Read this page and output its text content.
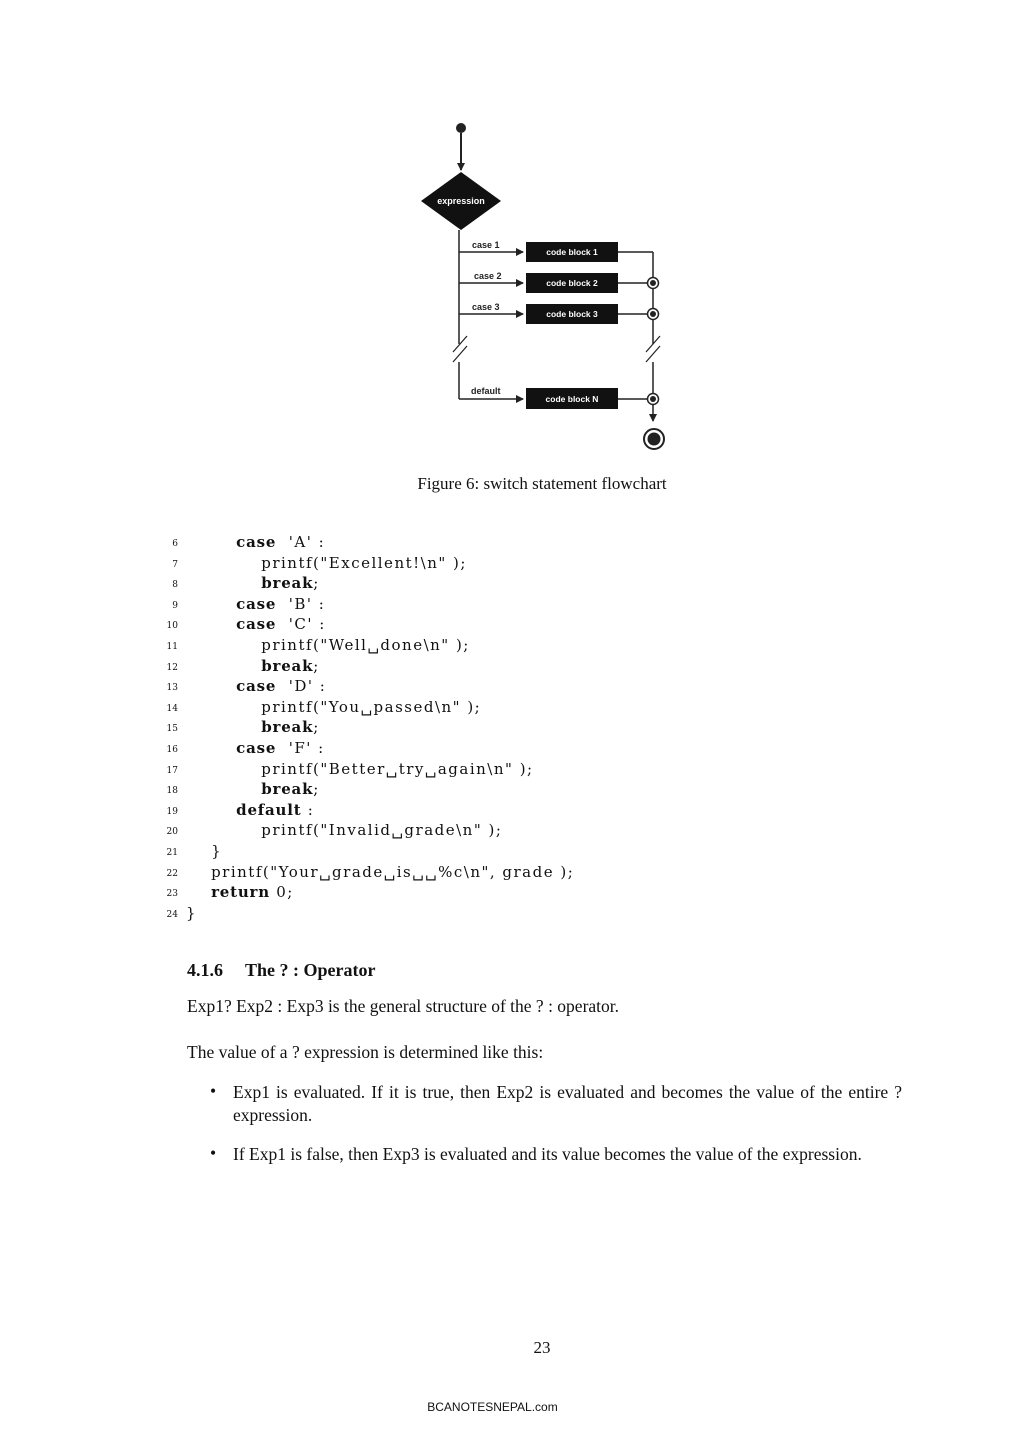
expression
case 1
case 2
case 3
default
code block 1
code block 2
code block 3
code block N
Figure 6: switch statement flowchart
6	case  'A' :
7	printf("Excellent!\n" );
8	break;
9	case  'B' :
10	case  'C' :
11	printf("Well␣done\n" );
12	break;
13	case  'D' :
14	printf("You␣passed\n" );
15	break;
16	case  'F' :
17	printf("Better␣try␣again\n" );
18	break;
19	default :
20	printf("Invalid␣grade\n" );
21 }
22 printf("Your␣grade␣is␣␣%c\n", grade );
23 return 0;
24 }
4.1.6 The ? : Operator
Exp1? Exp2 : Exp3 is the general structure of the ? : operator.
The value of a ? expression is determined like this:
• Exp1 is evaluated. If it is true, then Exp2 is evaluated and becomes the value of the entire ? expression.
• If Exp1 is false, then Exp3 is evaluated and its value becomes the value of the expression.
23
BCANOTESNEPAL.com
